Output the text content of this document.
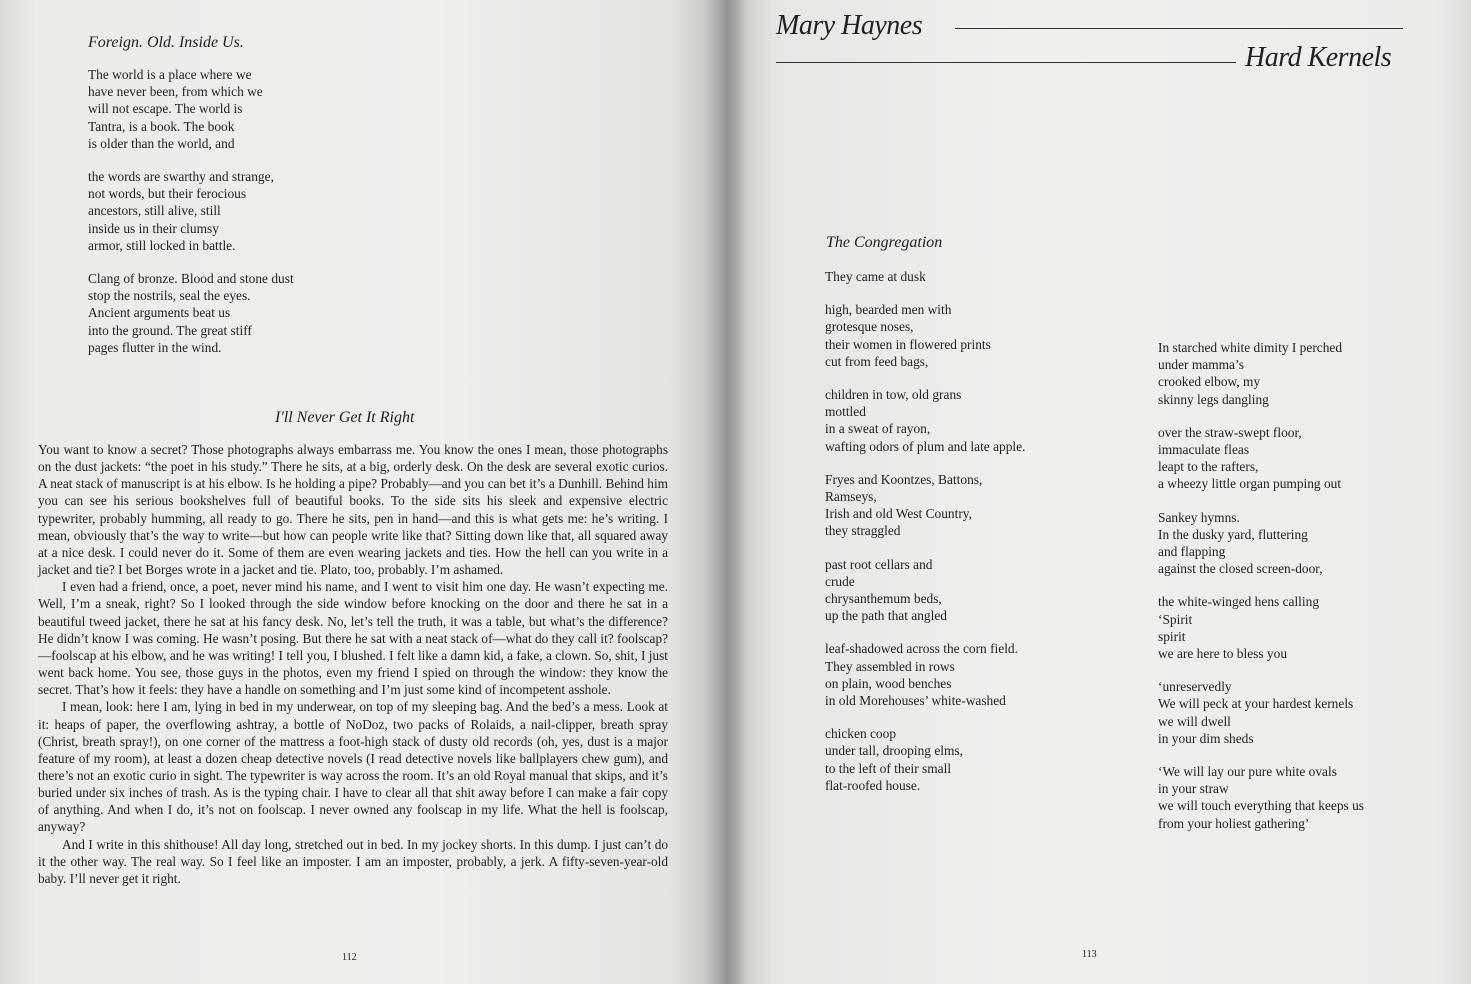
Foreign. Old. Inside Us.
The world is a place where we
have never been, from which we
will not escape. The world is
Tantra, is a book. The book
is older than the world, and
the words are swarthy and strange,
not words, but their ferocious
ancestors, still alive, still
inside us in their clumsy
armor, still locked in battle.
Clang of bronze. Blood and stone dust
stop the nostrils, seal the eyes.
Ancient arguments beat us
into the ground. The great stiff
pages flutter in the wind.
I'll Never Get It Right

You want to know a secret? Those photographs always embarrass me. You know the ones I mean, those photographs on the dust jackets: “the poet in his study.” There he sits, at a big, orderly desk. On the desk are several exotic curios. A neat stack of manuscript is at his elbow. Is he holding a pipe? Probably—and you can bet it’s a Dunhill. Behind him you can see his serious bookshelves full of beautiful books. To the side sits his sleek and expensive electric typewriter, probably humming, all ready to go. There he sits, pen in hand—and this is what gets me: he’s writing. I mean, obviously that’s the way to write—but how can people write like that? Sitting down like that, all squared away at a nice desk. I could never do it. Some of them are even wearing jackets and ties. How the hell can you write in a jacket and tie? I bet Borges wrote in a jacket and tie. Plato, too, probably. I’m ashamed.

I even had a friend, once, a poet, never mind his name, and I went to visit him one day. He wasn’t expecting me. Well, I’m a sneak, right? So I looked through the side window before knocking on the door and there he sat in a beautiful tweed jacket, there he sat at his fancy desk. No, let’s tell the truth, it was a table, but what’s the difference? He didn’t know I was coming. He wasn’t posing. But there he sat with a neat stack of—what do they call it? foolscap?—foolscap at his elbow, and he was writing! I tell you, I blushed. I felt like a damn kid, a fake, a clown. So, shit, I just went back home. You see, those guys in the photos, even my friend I spied on through the window: they know the secret. That’s how it feels: they have a handle on something and I’m just some kind of incompetent asshole.

I mean, look: here I am, lying in bed in my underwear, on top of my sleeping bag. And the bed’s a mess. Look at it: heaps of paper, the overflowing ashtray, a bottle of NoDoz, two packs of Rolaids, a nail-clipper, breath spray (Christ, breath spray!), on one corner of the mattress a foot-high stack of dusty old records (oh, yes, dust is a major feature of my room), at least a dozen cheap detective novels (I read detective novels like ballplayers chew gum), and there’s not an exotic curio in sight. The typewriter is way across the room. It’s an old Royal manual that skips, and it’s buried under six inches of trash. As is the typing chair. I have to clear all that shit away before I can make a fair copy of anything. And when I do, it’s not on foolscap. I never owned any foolscap in my life. What the hell is foolscap, anyway?

And I write in this shithouse! All day long, stretched out in bed. In my jockey shorts. In this dump. I just can’t do it the other way. The real way. So I feel like an imposter. I am an imposter, probably, a jerk. A fifty-seven-year-old baby. I’ll never get it right.

112
Mary Haynes
Hard Kernels
The Congregation
They came at dusk
high, bearded men with
grotesque noses,
their women in flowered prints
cut from feed bags,
children in tow, old grans
mottled
in a sweat of rayon,
wafting odors of plum and late apple.
Fryes and Koontzes, Battons,
Ramseys,
Irish and old West Country,
they straggled
past root cellars and
crude
chrysanthemum beds,
up the path that angled
leaf-shadowed across the corn field.
They assembled in rows
on plain, wood benches
in old Morehouses’ white-washed
chicken coop
under tall, drooping elms,
to the left of their small
flat-roofed house.
In starched white dimity I perched
under mamma’s
crooked elbow, my
skinny legs dangling
over the straw-swept floor,
immaculate fleas
leapt to the rafters,
a wheezy little organ pumping out
Sankey hymns.
In the dusky yard, fluttering
and flapping
against the closed screen-door,
the white-winged hens calling
‘Spirit
spirit
we are here to bless you
‘unreservedly
We will peck at your hardest kernels
we will dwell
in your dim sheds
‘We will lay our pure white ovals
in your straw
we will touch everything that keeps us
from your holiest gathering’
113
